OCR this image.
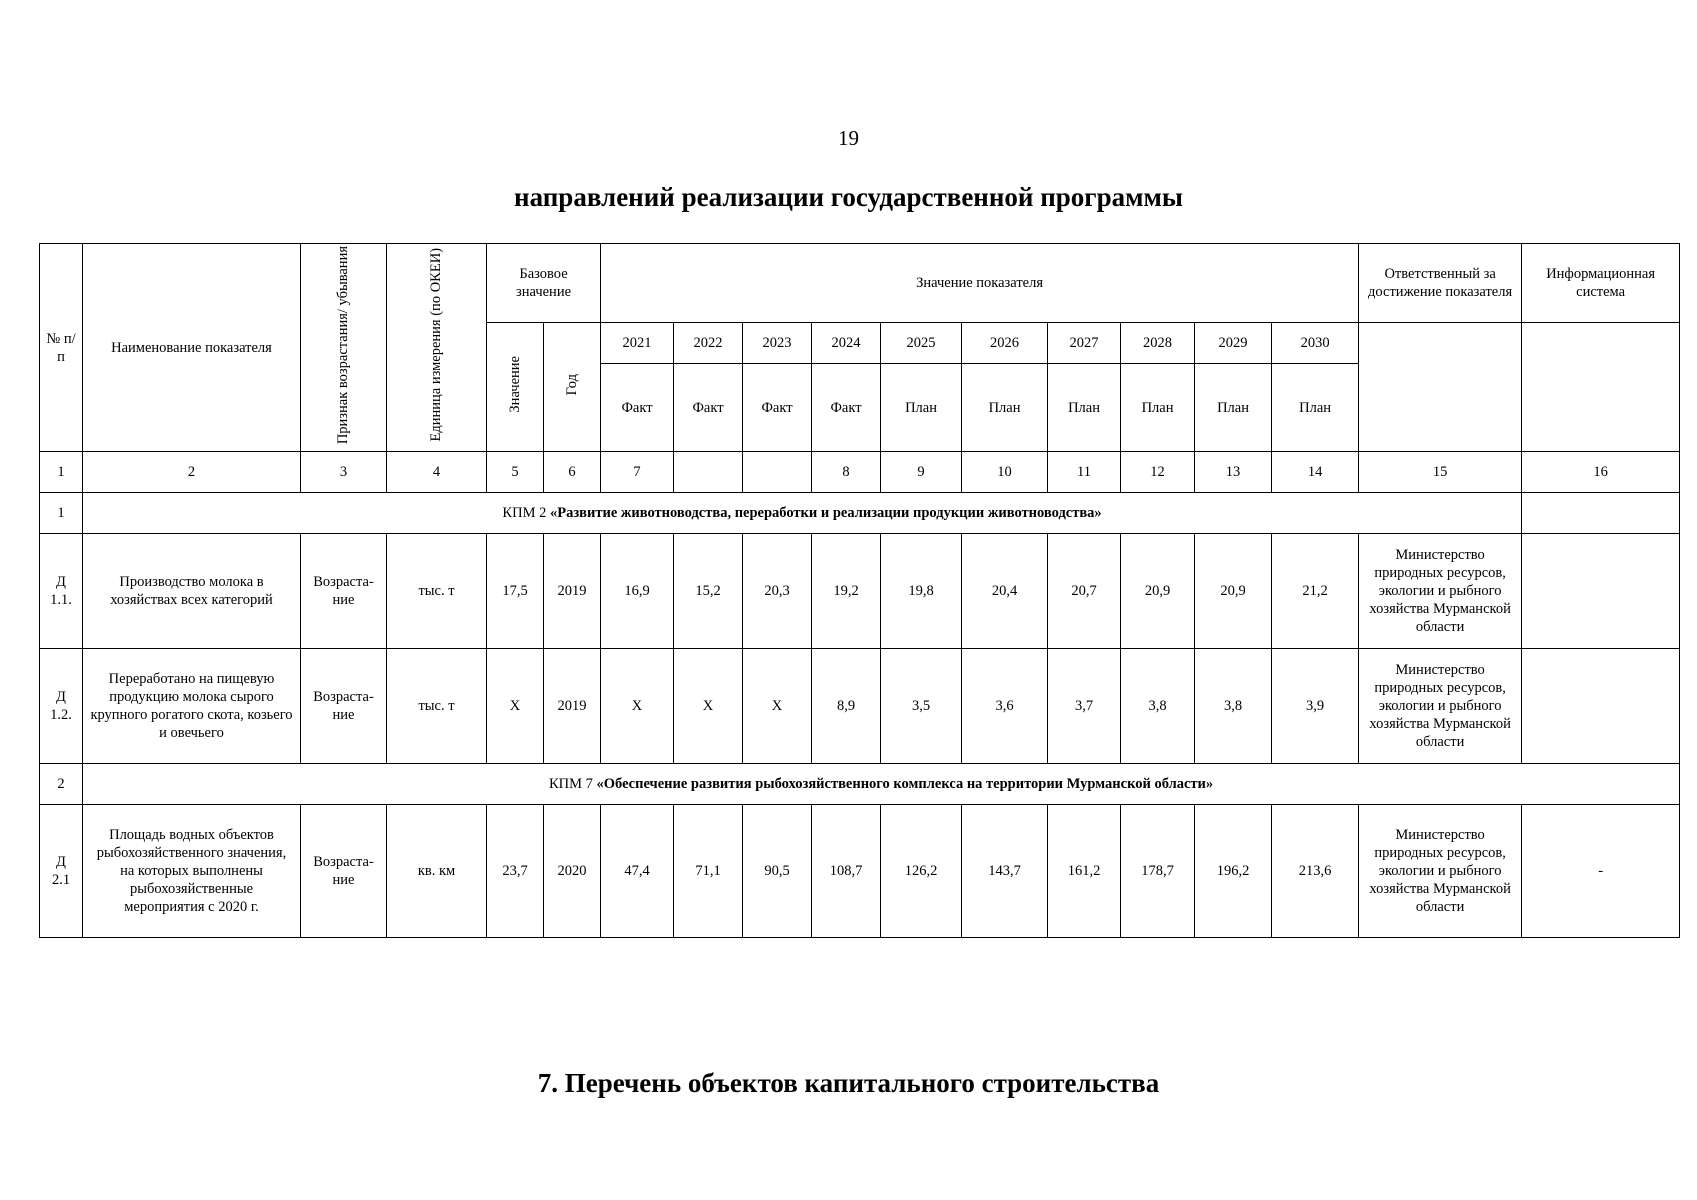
19
направлений реализации государственной программы
№ п/п	Наименование показателя	Признак возрастания/ убывания	Единица измерения (по ОКЕИ)	Базовое значение		Значение показателя										Ответственный за достижение показателя	Информационная система
				Значение	Год	2021	2022	2023	2024	2025	2026	2027	2028	2029	2030		
						Факт	Факт	Факт	Факт	План	План	План	План	План	План		
1	2	3	4	5	6	7			8	9	10	11	12	13	14	15	16
1	КПМ 2 «Развитие животноводства, переработки и реализации продукции животноводства»																
Д 1.1.	Производство молока в хозяйствах всех категорий	Возраста-ние	тыс. т	17,5	2019	16,9	15,2	20,3	19,2	19,8	20,4	20,7	20,9	20,9	21,2	Министерство природных ресурсов, экологии и рыбного хозяйства Мурманской области	
Д 1.2.	Переработано на пищевую продукцию молока сырого крупного рогатого скота, козьего и овечьего	Возраста-ние	тыс. т	Х	2019	Х	Х	Х	8,9	3,5	3,6	3,7	3,8	3,8	3,9	Министерство природных ресурсов, экологии и рыбного хозяйства Мурманской области	
2	КПМ 7 «Обеспечение развития рыбохозяйственного комплекса на территории Мурманской области»																
Д 2.1	Площадь водных объектов рыбохозяйственного значения, на которых выполнены рыбохозяйственные мероприятия с 2020 г.	Возраста-ние	кв. км	23,7	2020	47,4	71,1	90,5	108,7	126,2	143,7	161,2	178,7	196,2	213,6	Министерство природных ресурсов, экологии и рыбного хозяйства Мурманской области	-
7. Перечень объектов капитального строительства
